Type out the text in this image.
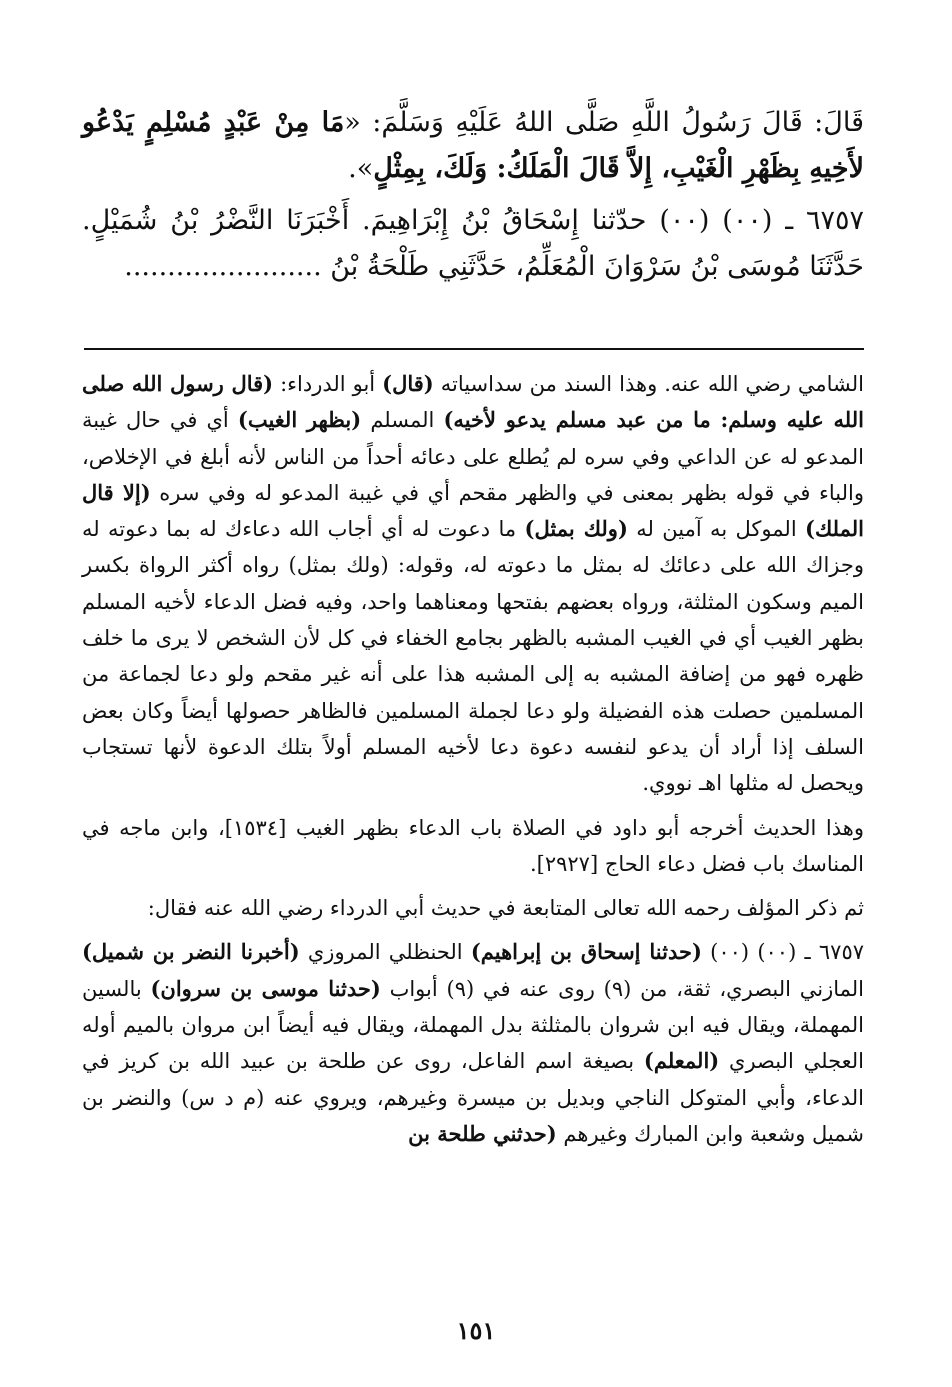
قَالَ: قَالَ رَسُولُ اللَّهِ صَلَّى اللهُ عَلَيْهِ وَسَلَّمَ: «مَا مِنْ عَبْدٍ مُسْلِمٍ يَدْعُو لأَخِيهِ بِظَهْرِ الْغَيْبِ، إِلاَّ قَالَ الْمَلَكُ: وَلَكَ، بِمِثْلٍ».

٦٧٥٧ ـ (٠٠) (٠٠) حدّثنا إِسْحَاقُ بْنُ إِبْرَاهِيمَ. أَخْبَرَنَا النَّضْرُ بْنُ شُمَيْلٍ. حَدَّثَنَا مُوسَى بْنُ سَرْوَانَ الْمُعَلِّمُ، حَدَّثَنِي طَلْحَةُ بْنُ .......................

الشامي رضي الله عنه. وهذا السند من سداسياته (قال) أبو الدرداء: (قال رسول الله صلى الله عليه وسلم: ما من عبد مسلم يدعو لأخيه) المسلم (بظهر الغيب) أي في حال غيبة المدعو له عن الداعي وفي سره لم يُطلع على دعائه أحداً من الناس لأنه أبلغ في الإخلاص، والباء في قوله بظهر بمعنى في والظهر مقحم أي في غيبة المدعو له وفي سره (إلا قال الملك) الموكل به آمين له (ولك بمثل) ما دعوت له أي أجاب الله دعاءك له بما دعوته له وجزاك الله على دعائك له بمثل ما دعوته له، وقوله: (ولك بمثل) رواه أكثر الرواة بكسر الميم وسكون المثلثة، ورواه بعضهم بفتحها ومعناهما واحد، وفيه فضل الدعاء لأخيه المسلم بظهر الغيب أي في الغيب المشبه بالظهر بجامع الخفاء في كل لأن الشخص لا يرى ما خلف ظهره فهو من إضافة المشبه به إلى المشبه هذا على أنه غير مقحم ولو دعا لجماعة من المسلمين حصلت هذه الفضيلة ولو دعا لجملة المسلمين فالظاهر حصولها أيضاً وكان بعض السلف إذا أراد أن يدعو لنفسه دعوة دعا لأخيه المسلم أولاً بتلك الدعوة لأنها تستجاب ويحصل له مثلها اهـ نووي.

وهذا الحديث أخرجه أبو داود في الصلاة باب الدعاء بظهر الغيب [١٥٣٤]، وابن ماجه في المناسك باب فضل دعاء الحاج [٢٩٢٧].

ثم ذكر المؤلف رحمه الله تعالى المتابعة في حديث أبي الدرداء رضي الله عنه فقال:

٦٧٥٧ ـ (٠٠) (٠٠) (حدثنا إسحاق بن إبراهيم) الحنظلي المروزي (أخبرنا النضر بن شميل) المازني البصري، ثقة، من (٩) روى عنه في (٩) أبواب (حدثنا موسى بن سروان) بالسين المهملة، ويقال فيه ابن شروان بالمثلثة بدل المهملة، ويقال فيه أيضاً ابن مروان بالميم أوله العجلي البصري (المعلم) بصيغة اسم الفاعل، روى عن طلحة بن عبيد الله بن كريز في الدعاء، وأبي المتوكل الناجي وبديل بن ميسرة وغيرهم، ويروي عنه (م د س) والنضر بن شميل وشعبة وابن المبارك وغيرهم (حدثني طلحة بن

١٥١
